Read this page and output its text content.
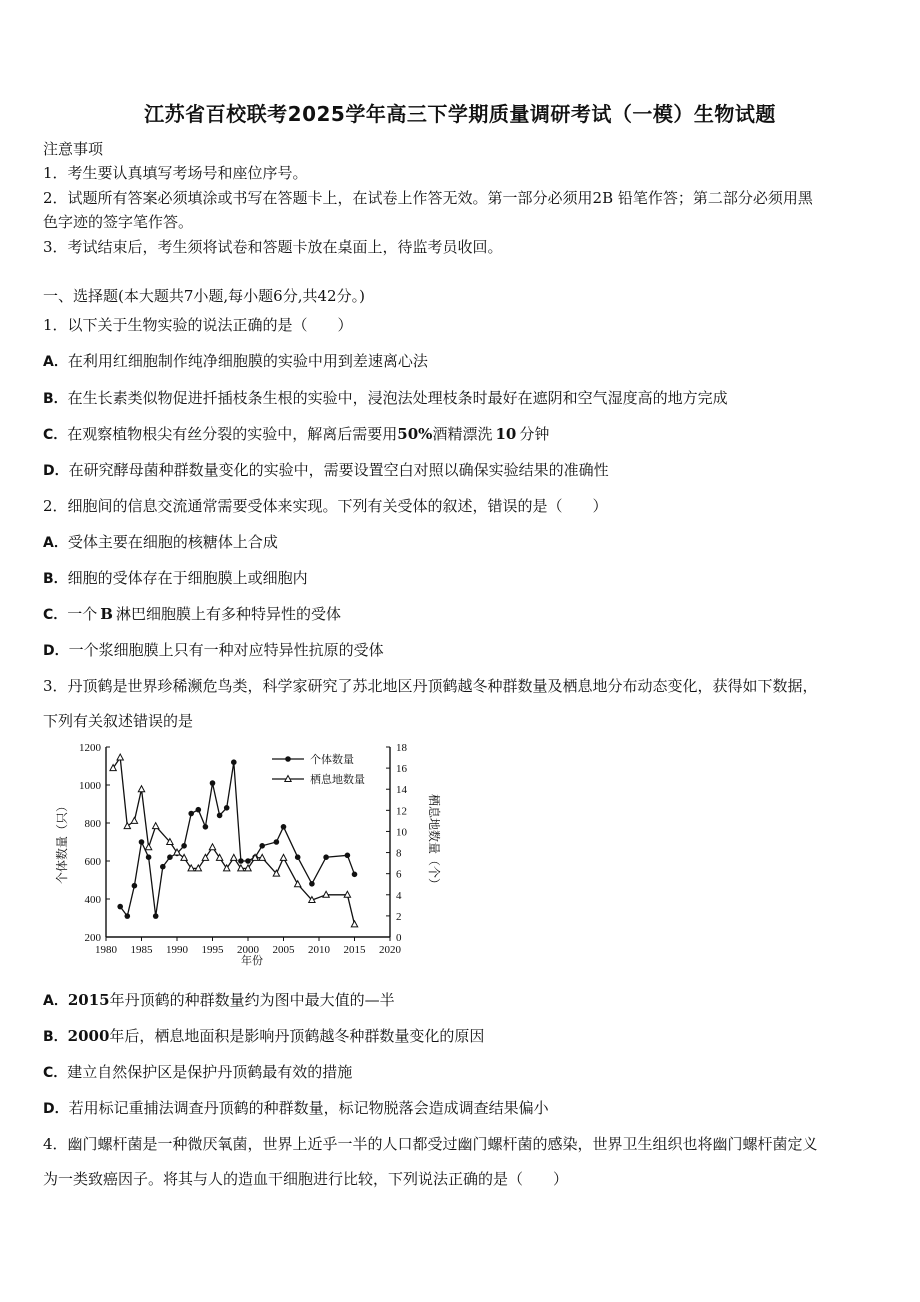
江苏省百校联考2025学年高三下学期质量调研考试（一模）生物试题
注意事项
1．考生要认真填写考场号和座位序号。
2．试题所有答案必须填涂或书写在答题卡上，在试卷上作答无效。第一部分必须用2B 铅笔作答；第二部分必须用黑
色字迹的签字笔作答。
3．考试结束后，考生须将试卷和答题卡放在桌面上，待监考员收回。
一、选择题(本大题共7小题,每小题6分,共42分。)
1．以下关于生物实验的说法正确的是（　　）
A．在利用红细胞制作纯净细胞膜的实验中用到差速离心法
B．在生长素类似物促进扦插枝条生根的实验中，浸泡法处理枝条时最好在遮阴和空气湿度高的地方完成
C．在观察植物根尖有丝分裂的实验中，解离后需要用50%酒精漂洗 10 分钟
D．在研究酵母菌种群数量变化的实验中，需要设置空白对照以确保实验结果的准确性
2．细胞间的信息交流通常需要受体来实现。下列有关受体的叙述，错误的是（　　）
A．受体主要在细胞的核糖体上合成
B．细胞的受体存在于细胞膜上或细胞内
C．一个 B 淋巴细胞膜上有多种特异性的受体
D．一个浆细胞膜上只有一种对应特异性抗原的受体
3．丹顶鹤是世界珍稀濒危鸟类，科学家研究了苏北地区丹顶鹤越冬种群数量及栖息地分布动态变化，获得如下数据，
下列有关叙述错误的是
1980 1985 1990 1995 2000 2005 2010 2015 2020
200
400
600
800
1000
1200
0
2
4
6
8
10
12
14
16
18
年份
个体数量（只）	栖息地数量（个）
个体数量
栖息地数量
A．2015年丹顶鹤的种群数量约为图中最大值的—半
B．2000年后，栖息地面积是影响丹顶鹤越冬种群数量变化的原因
C．建立自然保护区是保护丹顶鹤最有效的措施
D．若用标记重捕法调查丹顶鹤的种群数量，标记物脱落会造成调查结果偏小
4．幽门螺杆菌是一种微厌氧菌，世界上近乎一半的人口都受过幽门螺杆菌的感染，世界卫生组织也将幽门螺杆菌定义
为一类致癌因子。将其与人的造血干细胞进行比较，下列说法正确的是（　　）
